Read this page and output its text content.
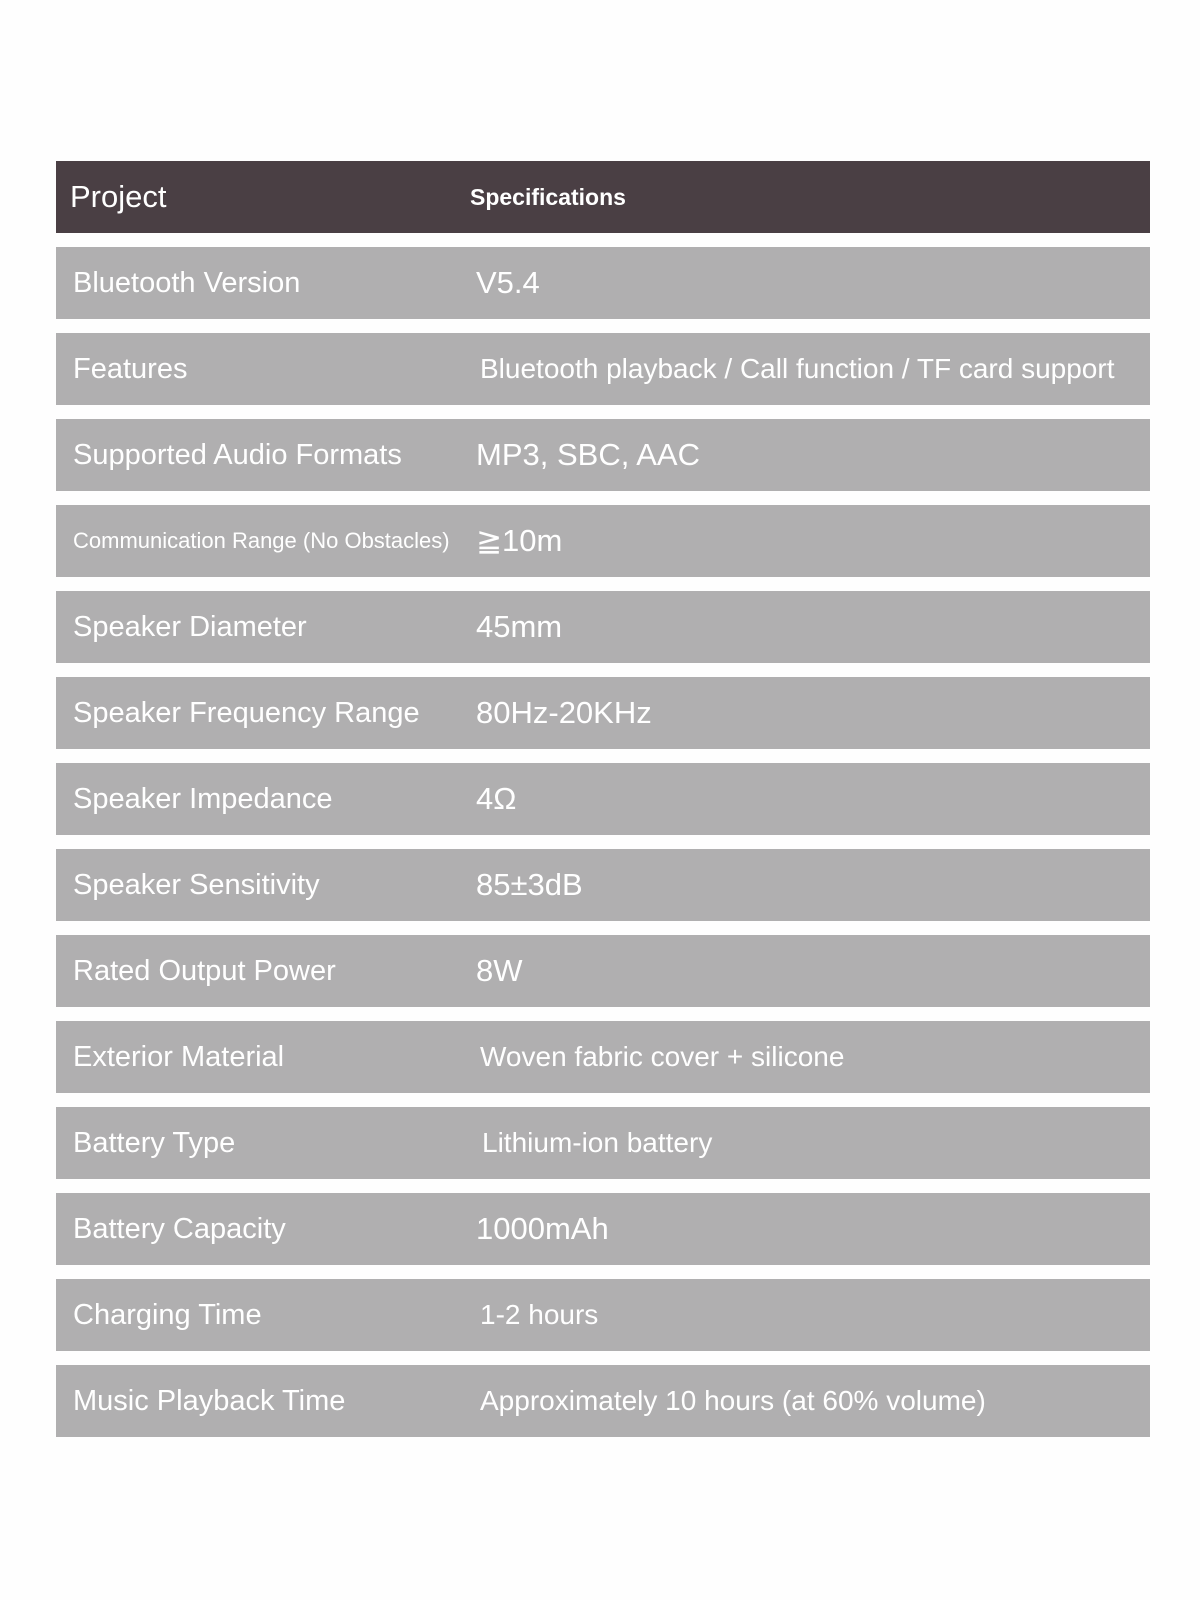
Project	Specifications
Bluetooth Version	V5.4
Features	Bluetooth playback / Call function / TF card support
Supported Audio Formats MP3, SBC, AAC
Communication Range (No Obstacles) ≧10m
Speaker Diameter	45mm
Speaker Frequency Range 80Hz-20KHz
Speaker Impedance	4Ω
Speaker Sensitivity	85±3dB
Rated Output Power	8W
Exterior Material	Woven fabric cover + silicone
Battery Type	Lithium-ion battery
Battery Capacity	1000mAh
Charging Time	1-2 hours
Music Playback Time	Approximately 10 hours (at 60% volume)
